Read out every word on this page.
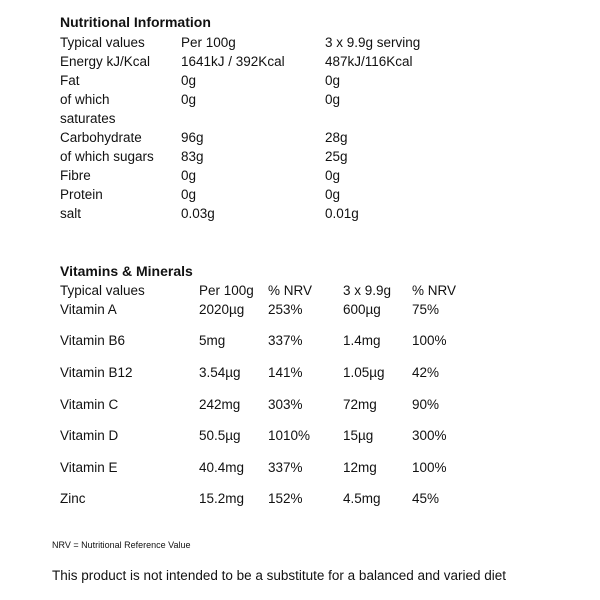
Nutritional Information
Typical values	Per 100g	3 x 9.9g serving
Energy kJ/Kcal 1641kJ / 392Kcal	487kJ/116Kcal
Fat	0g	0g
of which
saturates
0g	0g
Carbohydrate	96g	28g
of which sugars 83g	25g
Fibre	0g	0g
Protein	0g	0g
salt	0.03g	0.01g
Vitamins & Minerals
Typical values	Per 100g % NRV 3 x 9.9g % NRV
Vitamin A	2020µg 253%	600µg 75%
Vitamin B6	5mg	337%	1.4mg 100%
Vitamin B12	3.54µg 141%	1.05µg 42%
Vitamin C	242mg 303%	72mg	90%
Vitamin D	50.5µg 1010% 15µg	300%
Vitamin E	40.4mg 337%	12mg	100%
Zinc	15.2mg 152%	4.5mg 45%
NRV = Nutritional Reference Value
This product is not intended to be a substitute for a balanced and varied diet
